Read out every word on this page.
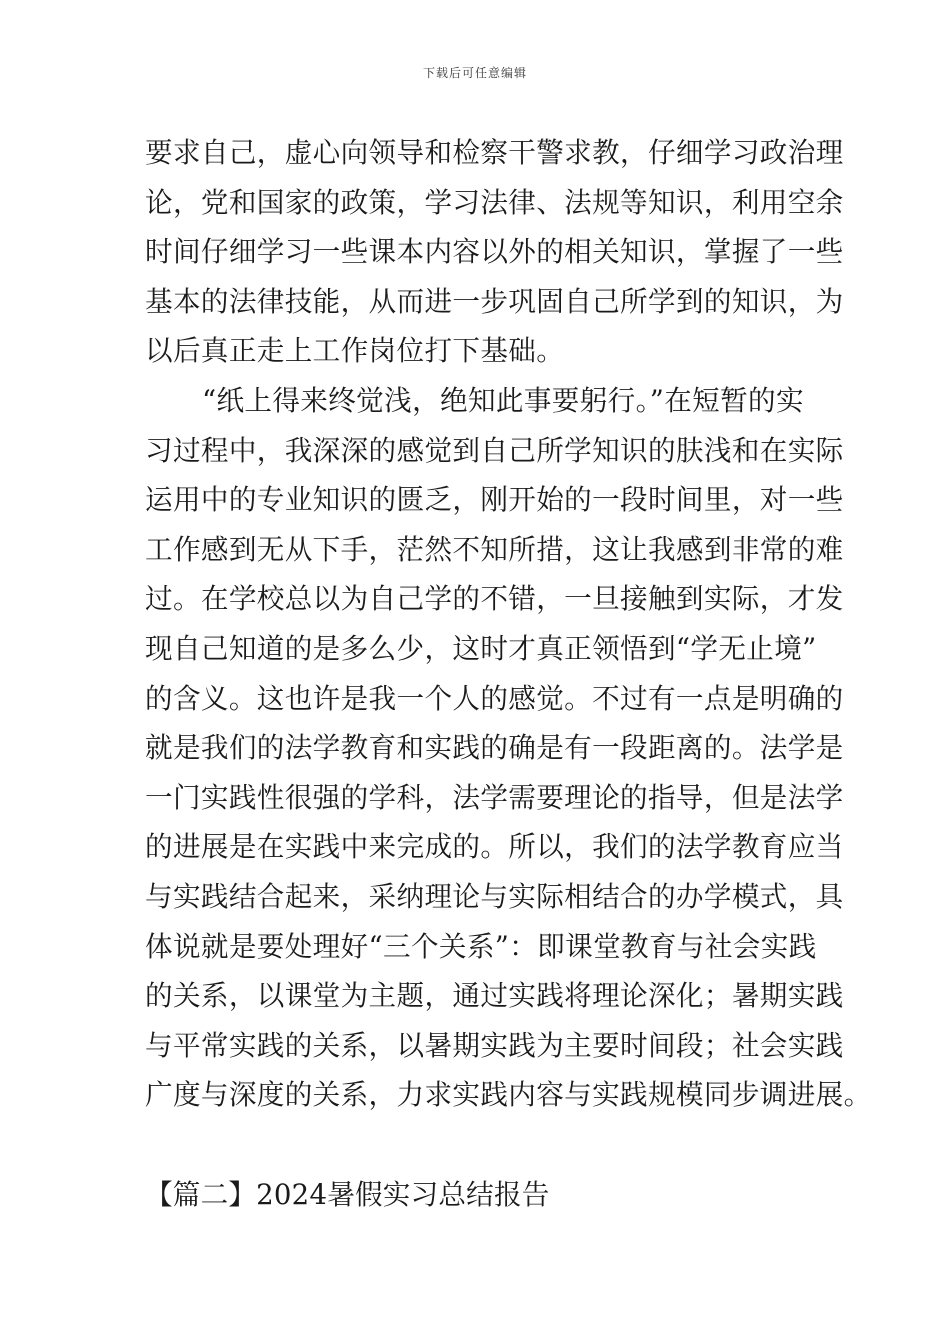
下载后可任意编辑
要求自己，虚心向领导和检察干警求教，仔细学习政治理
论，党和国家的政策，学习法律、法规等知识，利用空余
时间仔细学习一些课本内容以外的相关知识，掌握了一些
基本的法律技能，从而进一步巩固自己所学到的知识，为
以后真正走上工作岗位打下基础。
“纸上得来终觉浅，绝知此事要躬行。”在短暂的实
习过程中，我深深的感觉到自己所学知识的肤浅和在实际
运用中的专业知识的匮乏，刚开始的一段时间里，对一些
工作感到无从下手，茫然不知所措，这让我感到非常的难
过。在学校总以为自己学的不错，一旦接触到实际，才发
现自己知道的是多么少，这时才真正领悟到“学无止境”
的含义。这也许是我一个人的感觉。不过有一点是明确的
就是我们的法学教育和实践的确是有一段距离的。法学是
一门实践性很强的学科，法学需要理论的指导，但是法学
的进展是在实践中来完成的。所以，我们的法学教育应当
与实践结合起来，采纳理论与实际相结合的办学模式，具
体说就是要处理好“三个关系”：即课堂教育与社会实践
的关系，以课堂为主题，通过实践将理论深化；暑期实践
与平常实践的关系，以暑期实践为主要时间段；社会实践
广度与深度的关系，力求实践内容与实践规模同步调进展。
【篇二】2024暑假实习总结报告
